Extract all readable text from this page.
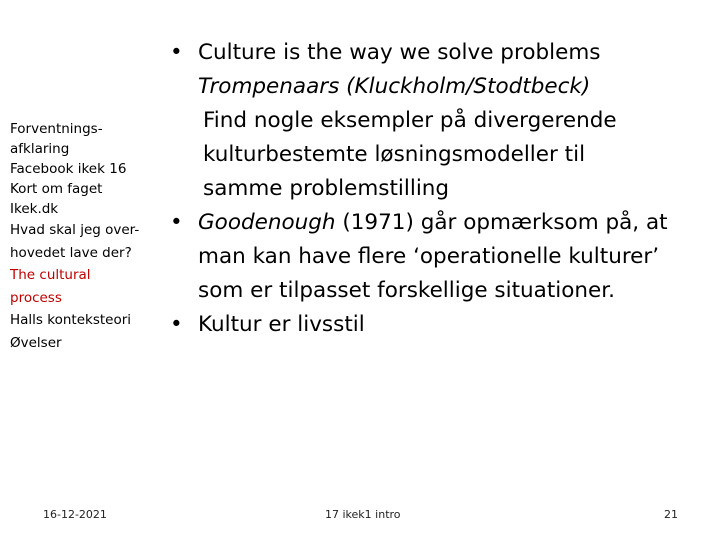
Forventnings-
afklaring
Facebook ikek 16
Kort om faget
Ikek.dk
Hvad skal jeg over-
hovedet lave der?
The cultural
process
Halls konteksteori
Øvelser
• Culture is the way we solve problems
Trompenaars (Kluckholm/Stodtbeck)
Find nogle eksempler på divergerende
kulturbestemte løsningsmodeller til
samme problemstilling
• Goodenough (1971) går opmærksom på, at
man kan have flere ‘operationelle kulturer’
som er tilpasset forskellige situationer.
• Kultur er livsstil
16-12-2021	17 ikek1 intro	21
